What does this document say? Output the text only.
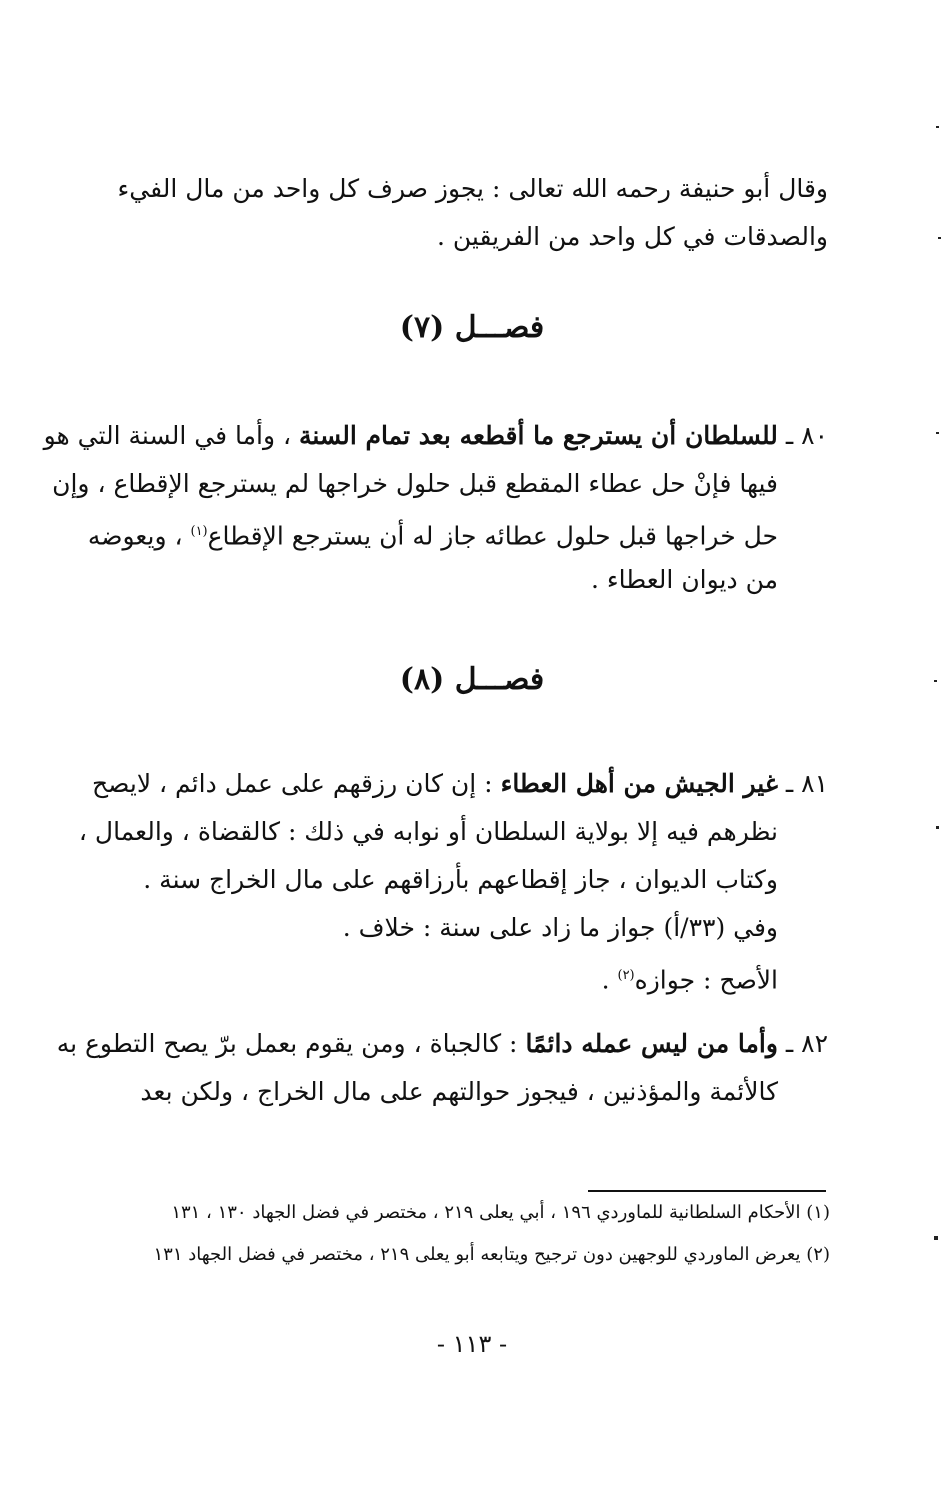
وقال أبو حنيفة رحمه الله تعالى : يجوز صرف كل واحد من مال الفيء
والصدقات في كل واحد من الفريقين .
فصـــل (٧)
٨٠ ـ للسلطان أن يسترجع ما أقطعه بعد تمام السنة ، وأما في السنة التي هو
فيها فإنْ حل عطاء المقطع قبل حلول خراجها لم يسترجع الإقطاع ، وإن
حل خراجها قبل حلول عطائه جاز له أن يسترجع الإقطاع$^{(١)}$ ، ويعوضه
من ديوان العطاء .
فصـــل (٨)
٨١ ـ غير الجيش من أهل العطاء : إن كان رزقهم على عمل دائم ، لايصح
نظرهم فيه إلا بولاية السلطان أو نوابه في ذلك : كالقضاة ، والعمال ،
وكتاب الديوان ، جاز إقطاعهم بأرزاقهم على مال الخراج سنة .
وفي (٣٣/أ) جواز ما زاد على سنة : خلاف .
الأصح : جوازه$^{(٢)}$ .
٨٢ ـ وأما من ليس عمله دائمًا : كالجباة ، ومن يقوم بعمل برّ يصح التطوع به
كالأئمة والمؤذنين ، فيجوز حوالتهم على مال الخراج ، ولكن بعد
(١) الأحكام السلطانية للماوردي ١٩٦ ، أبي يعلى ٢١٩ ، مختصر في فضل الجهاد ١٣٠ ، ١٣١
(٢) يعرض الماوردي للوجهين دون ترجيح ويتابعه أبو يعلى ٢١٩ ، مختصر في فضل الجهاد ١٣١
- ١١٣ -
